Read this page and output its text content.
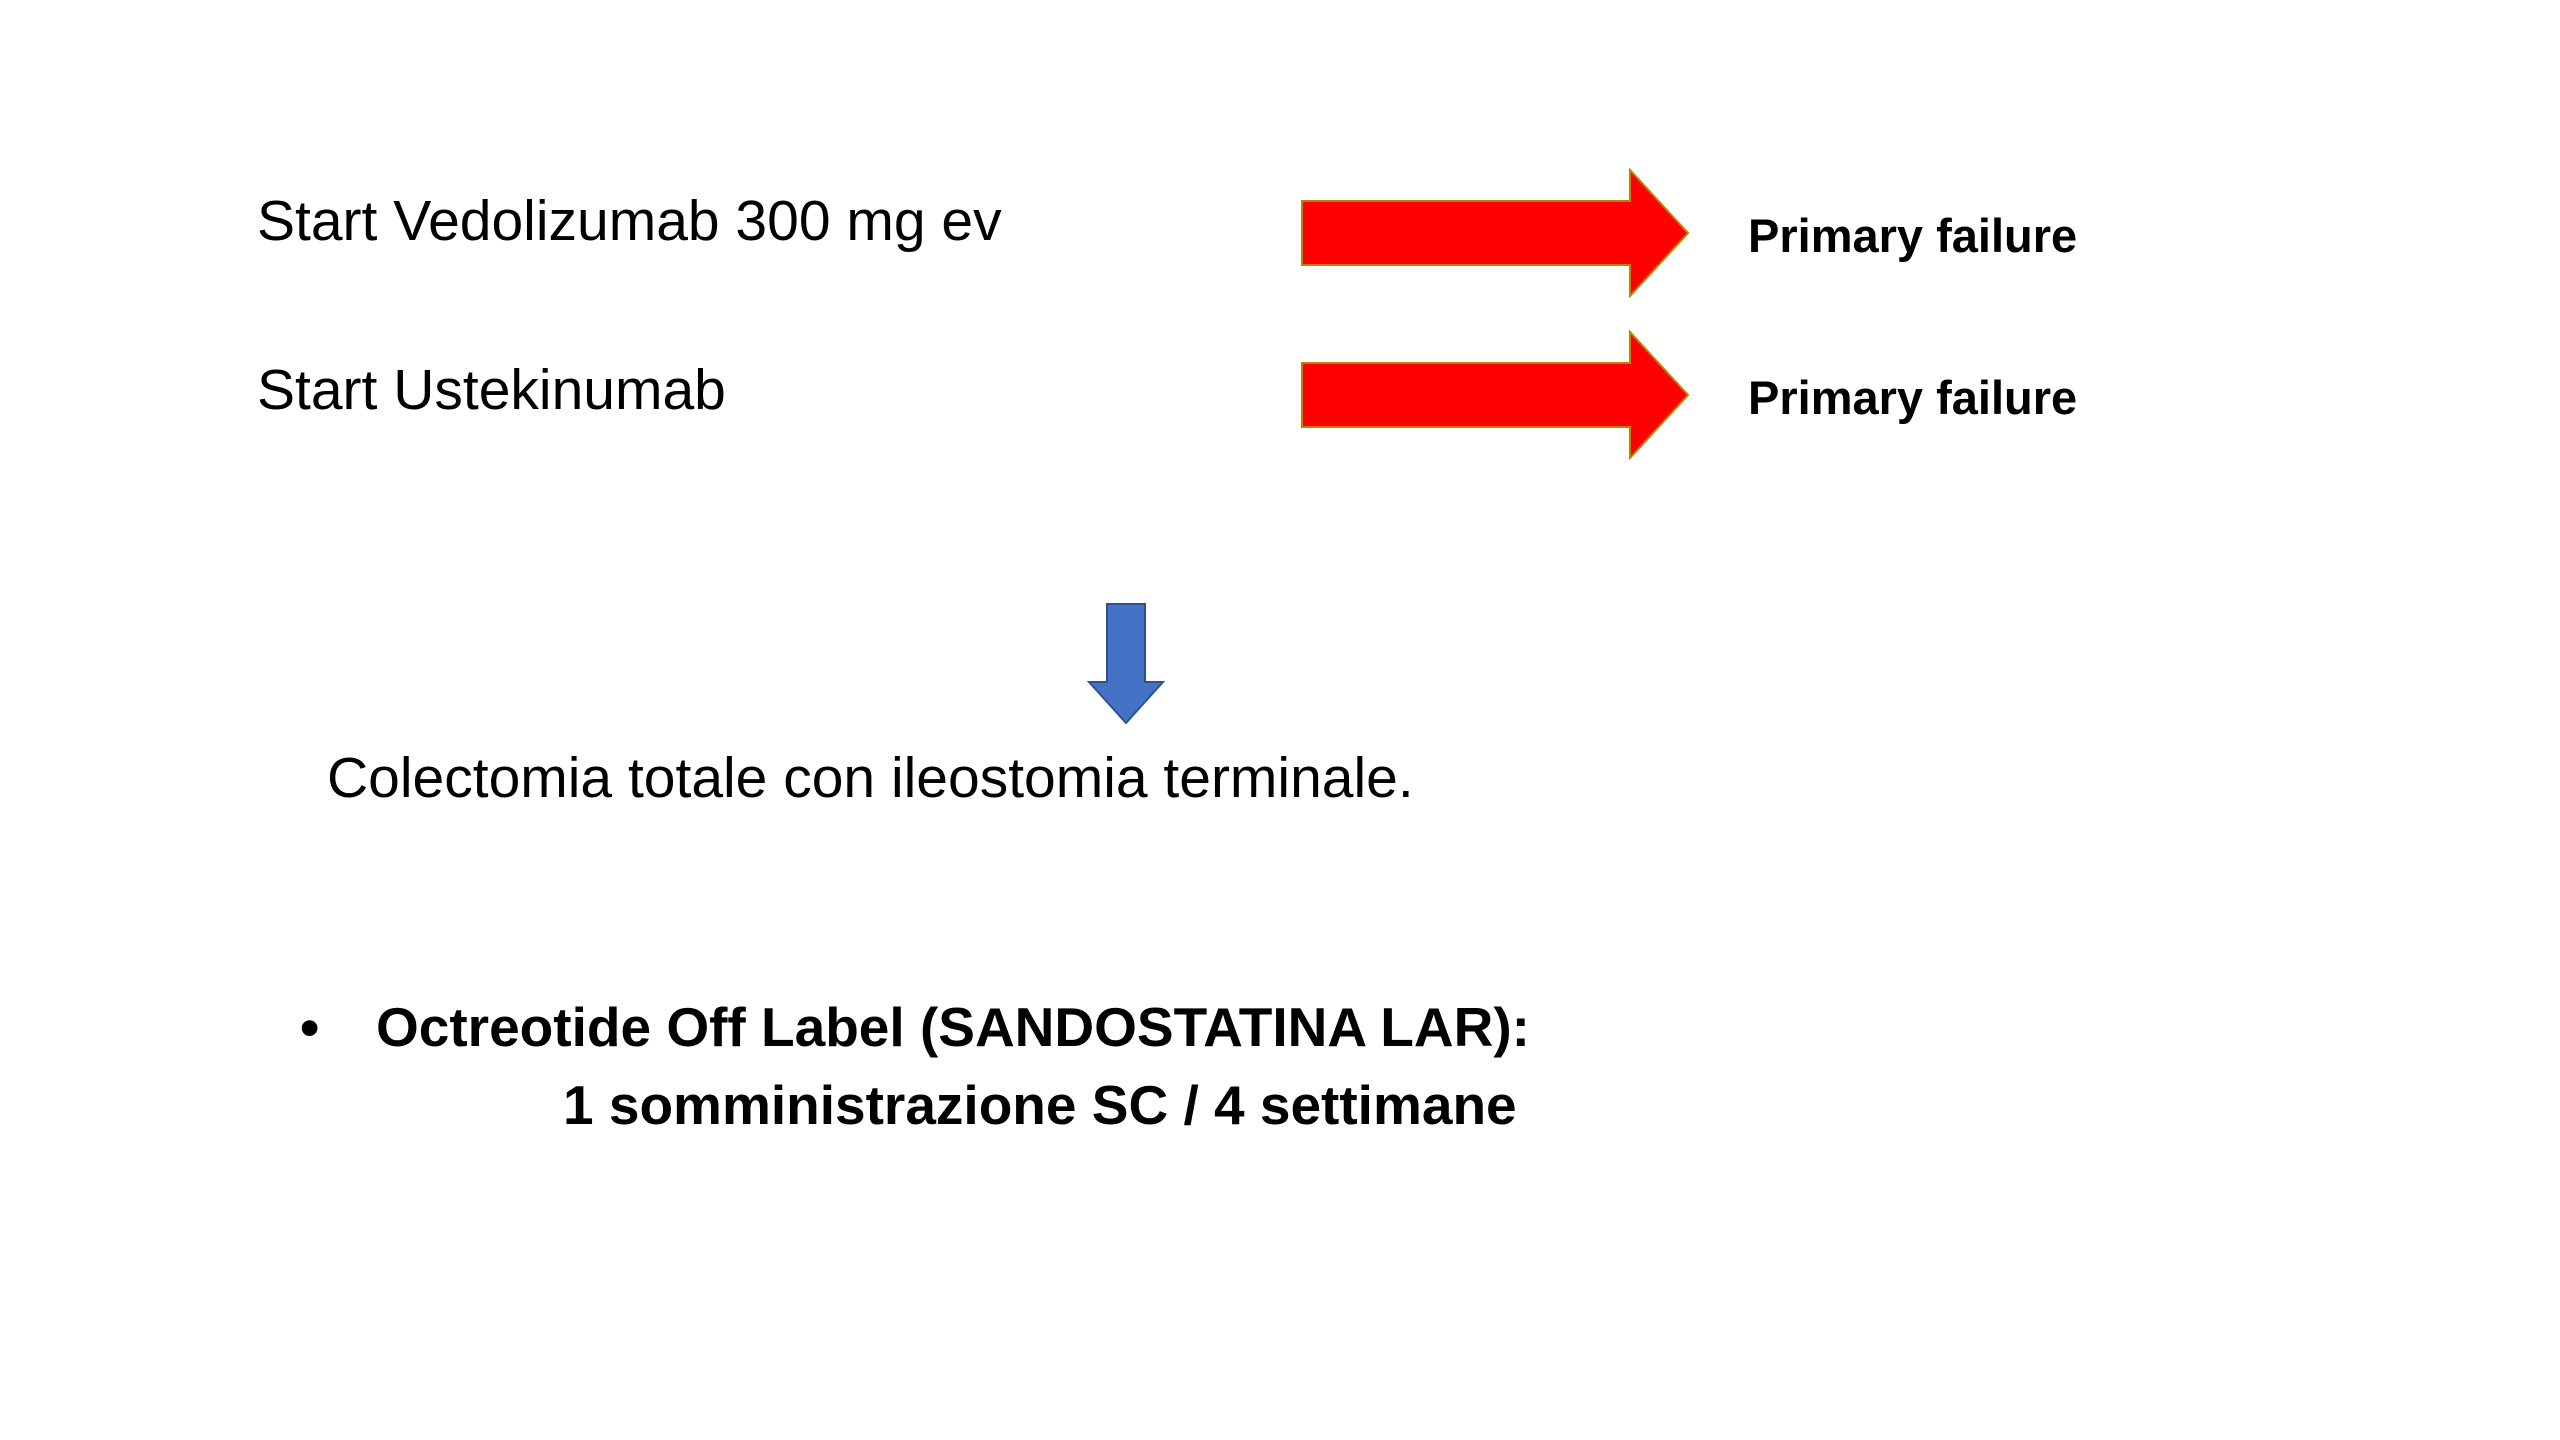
Start Vedolizumab 300 mg ev	Primary failure
Start Ustekinumab	Primary failure
Colectomia totale con ileostomia terminale.
• Octreotide Off Label (SANDOSTATINA LAR):
1 somministrazione SC / 4 settimane
